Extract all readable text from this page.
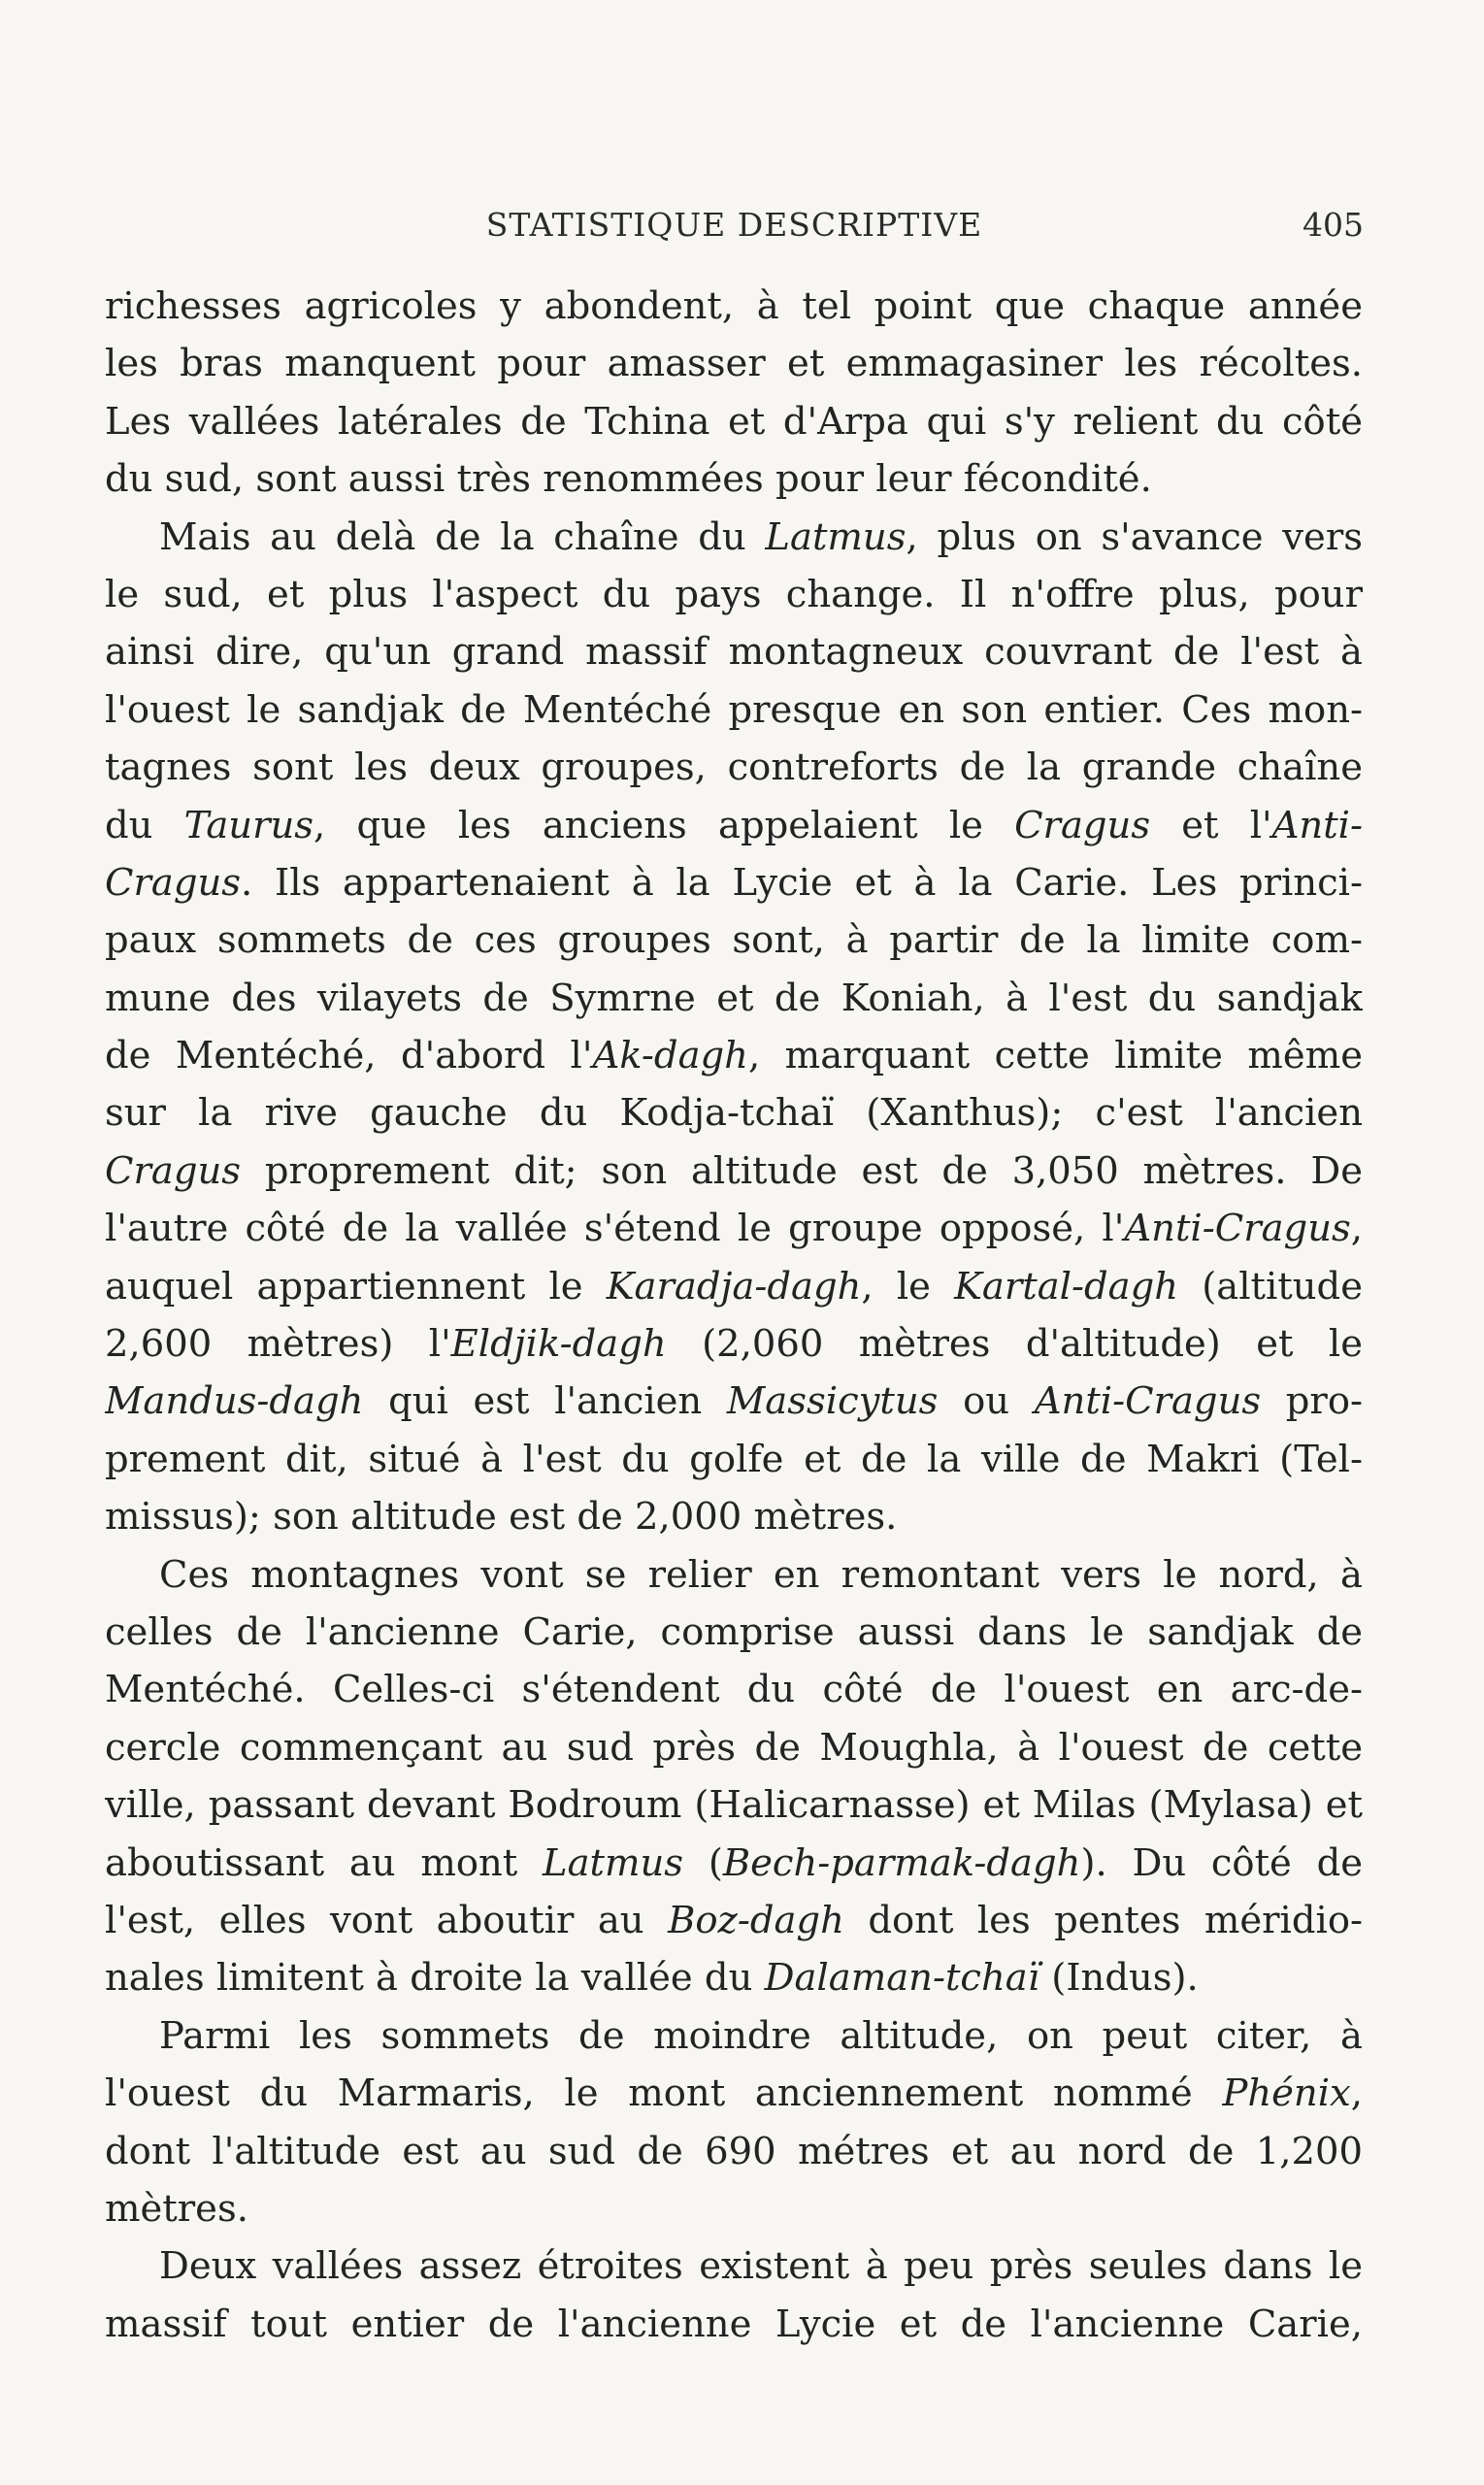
STATISTIQUE DESCRIPTIVE	405
richesses agricoles y abondent, à tel point que chaque année
les bras manquent pour amasser et emmagasiner les récoltes.
Les vallées latérales de Tchina et d'Arpa qui s'y relient du côté
du sud, sont aussi très renommées pour leur fécondité.
Mais au delà de la chaîne du Latmus, plus on s'avance vers
le sud, et plus l'aspect du pays change. Il n'offre plus, pour
ainsi dire, qu'un grand massif montagneux couvrant de l'est à
l'ouest le sandjak de Mentéché presque en son entier. Ces mon-
tagnes sont les deux groupes, contreforts de la grande chaîne
du Taurus, que les anciens appelaient le Cragus et l'Anti-
Cragus. Ils appartenaient à la Lycie et à la Carie. Les princi-
paux sommets de ces groupes sont, à partir de la limite com-
mune des vilayets de Symrne et de Koniah, à l'est du sandjak
de Mentéché, d'abord l'Ak-dagh, marquant cette limite même
sur la rive gauche du Kodja-tchaï (Xanthus); c'est l'ancien
Cragus proprement dit; son altitude est de 3,050 mètres. De
l'autre côté de la vallée s'étend le groupe opposé, l'Anti-Cragus,
auquel appartiennent le Karadja-dagh, le Kartal-dagh (altitude
2,600 mètres) l'Eldjik-dagh (2,060 mètres d'altitude) et le
Mandus-dagh qui est l'ancien Massicytus ou Anti-Cragus pro-
prement dit, situé à l'est du golfe et de la ville de Makri (Tel-
missus); son altitude est de 2,000 mètres.
Ces montagnes vont se relier en remontant vers le nord, à
celles de l'ancienne Carie, comprise aussi dans le sandjak de
Mentéché. Celles-ci s'étendent du côté de l'ouest en arc-de-
cercle commençant au sud près de Moughla, à l'ouest de cette
ville, passant devant Bodroum (Halicarnasse) et Milas (Mylasa) et
aboutissant au mont Latmus (Bech-parmak-dagh). Du côté de
l'est, elles vont aboutir au Boz-dagh dont les pentes méridio-
nales limitent à droite la vallée du Dalaman-tchaï (Indus).
Parmi les sommets de moindre altitude, on peut citer, à
l'ouest du Marmaris, le mont anciennement nommé Phénix,
dont l'altitude est au sud de 690 métres et au nord de 1,200
mètres.
Deux vallées assez étroites existent à peu près seules dans le
massif tout entier de l'ancienne Lycie et de l'ancienne Carie,
